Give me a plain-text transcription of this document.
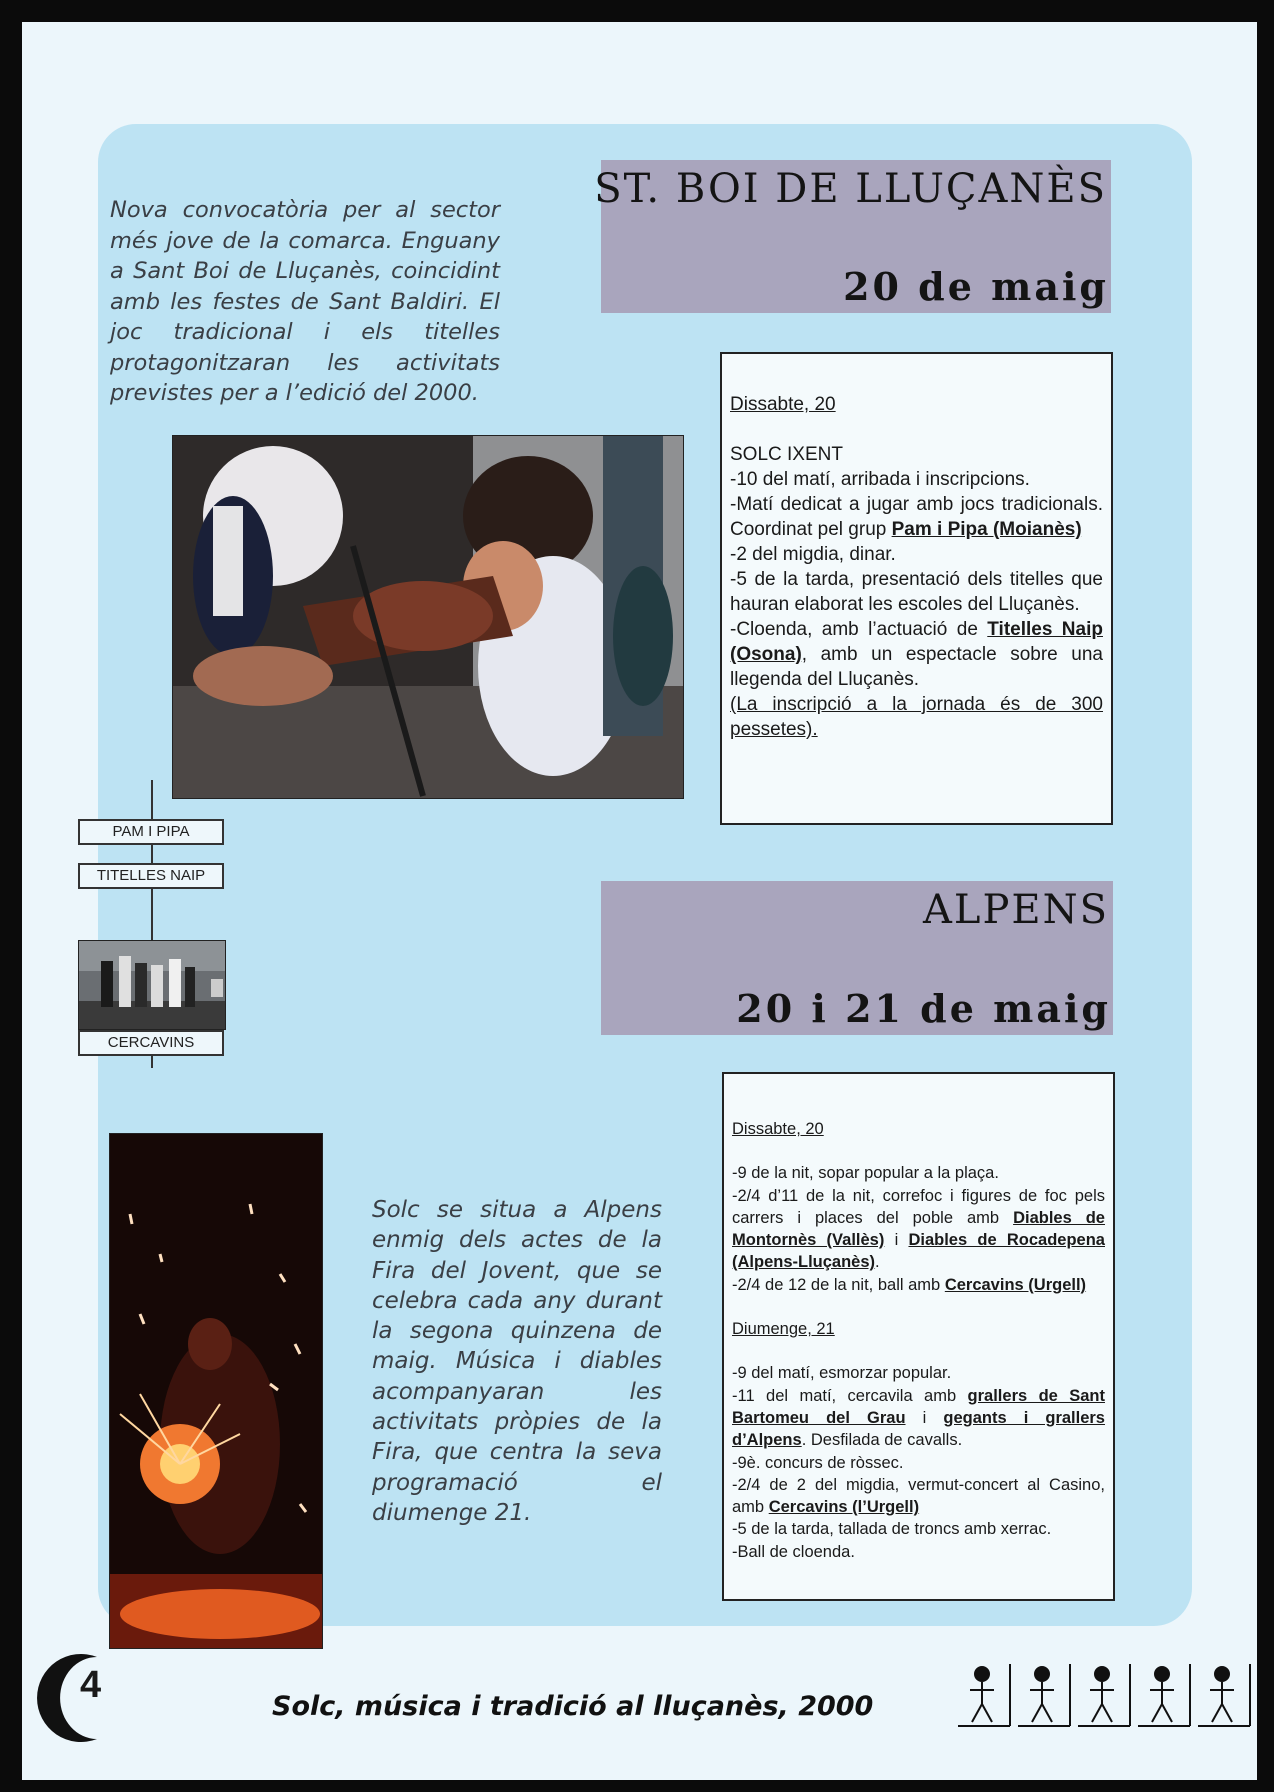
Nova convocatòria per al sector més jove de la comarca. Enguany a Sant Boi de Lluçanès, coincidint amb les festes de Sant Baldiri. El joc tradicional i els titelles protagonitzaran les activitats previstes per a l’edició del 2000.

ST. BOI DE LLUÇANÈS
20 de maig

Dissabte, 20

SOLC IXENT

-10 del matí, arribada i inscripcions.

-Matí dedicat a jugar amb jocs tradicionals. Coordinat pel grup Pam i Pipa (Moianès)

-2 del migdia, dinar.

-5 de la tarda, presentació dels titelles que hauran elaborat les escoles del Lluçanès.

-Cloenda, amb l’actuació de Titelles Naip (Osona), amb un espectacle sobre una llegenda del Lluçanès.

(La inscripció a la jornada és de 300 pessetes).

PAM I PIPA
TITELLES NAIP
CERCAVINS
ALPENS
20 i 21 de maig

Solc se situa a Alpens enmig dels actes de la Fira del Jovent, que se celebra cada any durant la segona quinzena de maig. Música i diables acompanyaran les activitats pròpies de la Fira, que centra la seva programació el diumenge 21.

Dissabte, 20

-9 de la nit, sopar popular a la plaça.

-2/4 d’11 de la nit, correfoc i figures de foc pels carrers i places del poble amb Diables de Montornès (Vallès) i Diables de Rocadepena (Alpens-Lluçanès).

-2/4 de 12 de la nit, ball amb Cercavins (Urgell)

Diumenge, 21

-9 del matí, esmorzar popular.

-11 del matí, cercavila amb grallers de Sant Bartomeu del Grau i gegants i grallers d’Alpens. Desfilada de cavalls.

-9è. concurs de ròssec.

-2/4 de 2 del migdia, vermut-concert al Casino, amb Cercavins (l’Urgell)

-5 de la tarda, tallada de troncs amb xerrac.

-Ball de cloenda.

4
Solc, música i tradició al lluçanès, 2000
